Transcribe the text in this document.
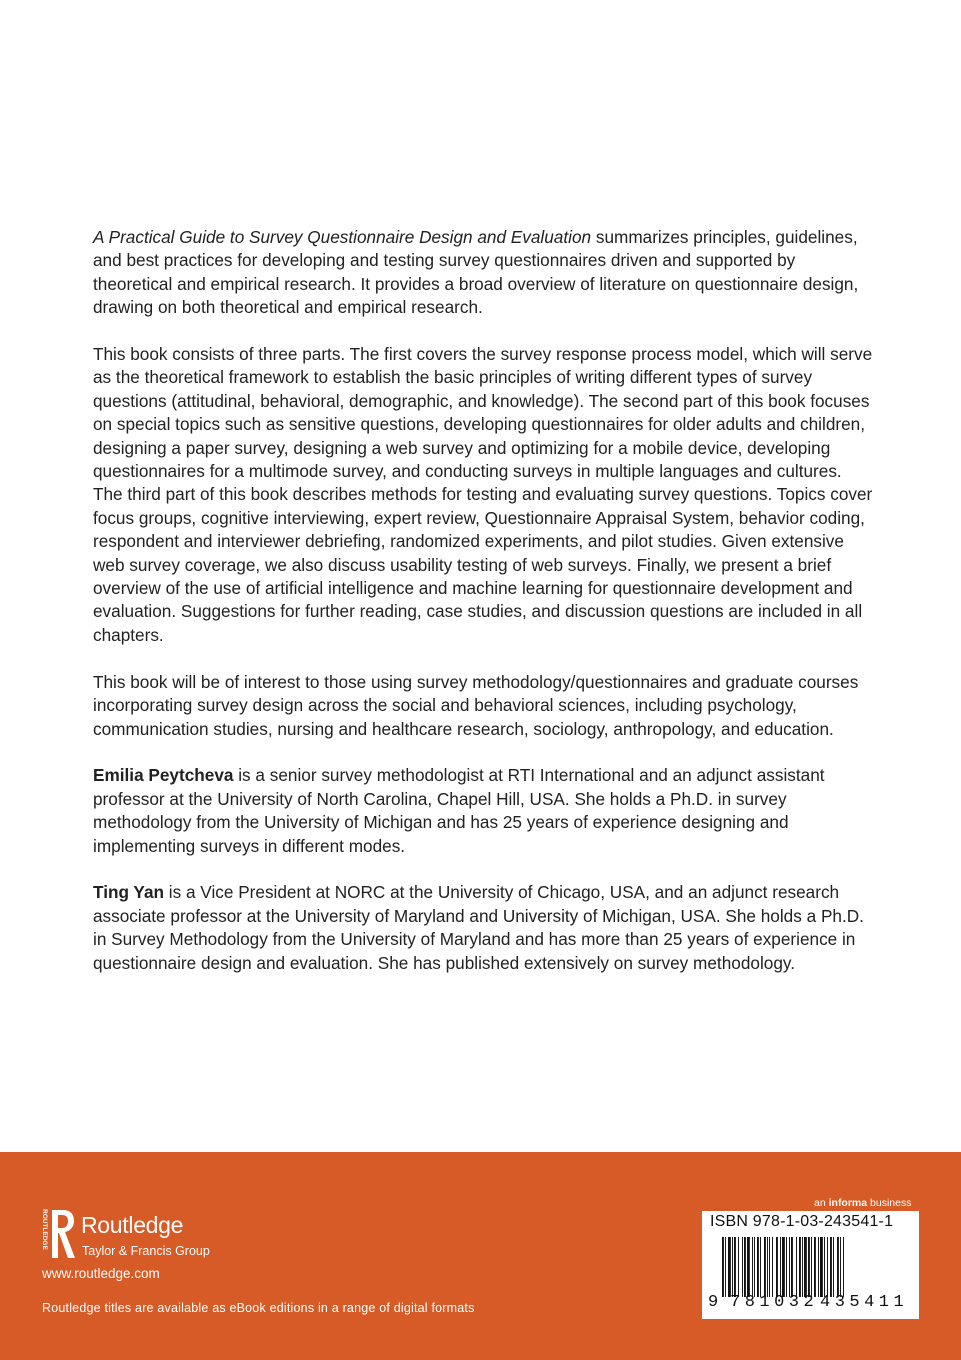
A Practical Guide to Survey Questionnaire Design and Evaluation summarizes principles, guidelines, and best practices for developing and testing survey questionnaires driven and supported by theoretical and empirical research. It provides a broad overview of literature on questionnaire design, drawing on both theoretical and empirical research.

This book consists of three parts. The first covers the survey response process model, which will serve as the theoretical framework to establish the basic principles of writing different types of survey questions (attitudinal, behavioral, demographic, and knowledge). The second part of this book focuses on special topics such as sensitive questions, developing questionnaires for older adults and children, designing a paper survey, designing a web survey and optimizing for a mobile device, developing questionnaires for a multimode survey, and conducting surveys in multiple languages and cultures. The third part of this book describes methods for testing and evaluating survey questions. Topics cover focus groups, cognitive interviewing, expert review, Questionnaire Appraisal System, behavior coding, respondent and interviewer debriefing, randomized experiments, and pilot studies. Given extensive web survey coverage, we also discuss usability testing of web surveys. Finally, we present a brief overview of the use of artificial intelligence and machine learning for questionnaire development and evaluation. Suggestions for further reading, case studies, and discussion questions are included in all chapters.

This book will be of interest to those using survey methodology/questionnaires and graduate courses incorporating survey design across the social and behavioral sciences, including psychology, communication studies, nursing and healthcare research, sociology, anthropology, and education.

Emilia Peytcheva is a senior survey methodologist at RTI International and an adjunct assistant professor at the University of North Carolina, Chapel Hill, USA. She holds a Ph.D. in survey methodology from the University of Michigan and has 25 years of experience designing and implementing surveys in different modes.

Ting Yan is a Vice President at NORC at the University of Chicago, USA, and an adjunct research associate professor at the University of Maryland and University of Michigan, USA. She holds a Ph.D. in Survey Methodology from the University of Maryland and has more than 25 years of experience in questionnaire design and evaluation. She has published extensively on survey methodology.

ROUTLEDGE Routledge
Taylor & Francis Group
www.routledge.com
Routledge titles are available as eBook editions in a range of digital formats
an informa business
ISBN 978-1-03-243541-1
9 781032 435411
